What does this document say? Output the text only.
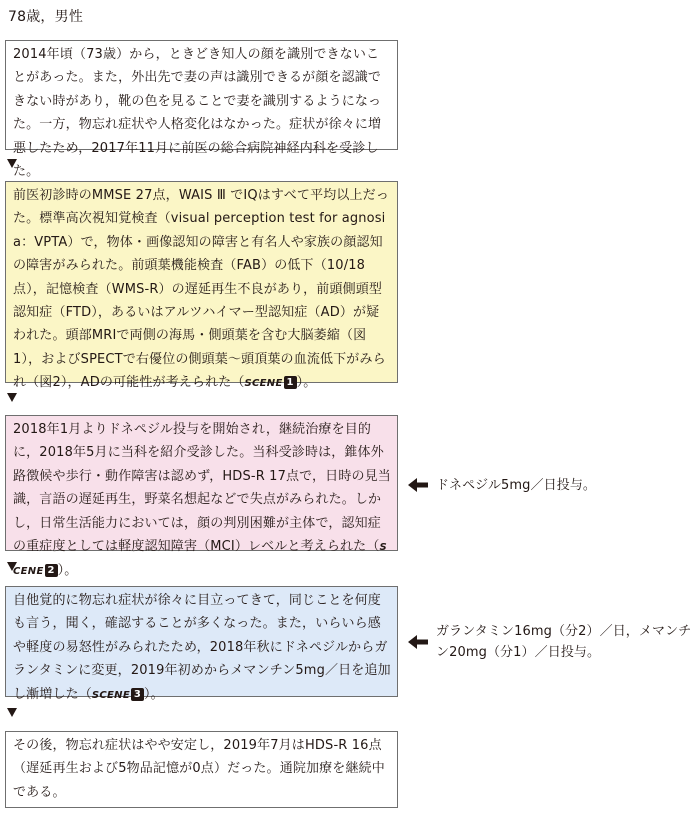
78歳，男性

2014年頃（73歳）から，ときどき知人の顔を識別できないことがあった。また，外出先で妻の声は識別できるが顔を認識できない時があり，靴の色を見ることで妻を識別するようになった。一方，物忘れ症状や人格変化はなかった。症状が徐々に増悪したため，2017年11月に前医の総合病院神経内科を受診した。

前医初診時のMMSE 27点，WAIS Ⅲ でIQはすべて平均以上だった。標準高次視知覚検査（visual perception test for agnosia：VPTA）で，物体・画像認知の障害と有名人や家族の顔認知の障害がみられた。前頭葉機能検査（FAB）の低下（10/18点），記憶検査（WMS-R）の遅延再生不良があり，前頭側頭型認知症（FTD），あるいはアルツハイマー型認知症（AD）が疑われた。頭部MRIで両側の海馬・側頭葉を含む大脳萎縮（図1），およびSPECTで右優位の側頭葉〜頭頂葉の血流低下がみられ（図2），ADの可能性が考えられた（SCENE 1 ）。

2018年1月よりドネペジル投与を開始され，継続治療を目的に，2018年5月に当科を紹介受診した。当科受診時は，錐体外路徴候や歩行・動作障害は認めず，HDS-R 17点で，日時の見当識，言語の遅延再生，野菜名想起などで失点がみられた。しかし，日常生活能力においては，顔の判別困難が主体で，認知症の重症度としては軽度認知障害（MCI）レベルと考えられた（SCENE 2 ）。

ドネペジル5mg／日投与。

自他覚的に物忘れ症状が徐々に目立ってきて，同じことを何度も言う，聞く，確認することが多くなった。また，いらいら感や軽度の易怒性がみられたため，2018年秋にドネペジルからガランタミンに変更，2019年初めからメマンチン5mg／日を追加し漸増した（SCENE 3 ）。

ガランタミン16mg（分2）／日，メマンチン20mg（分1）／日投与。

その後，物忘れ症状はやや安定し，2019年7月はHDS-R 16点（遅延再生および5物品記憶が0点）だった。通院加療を継続中である。
